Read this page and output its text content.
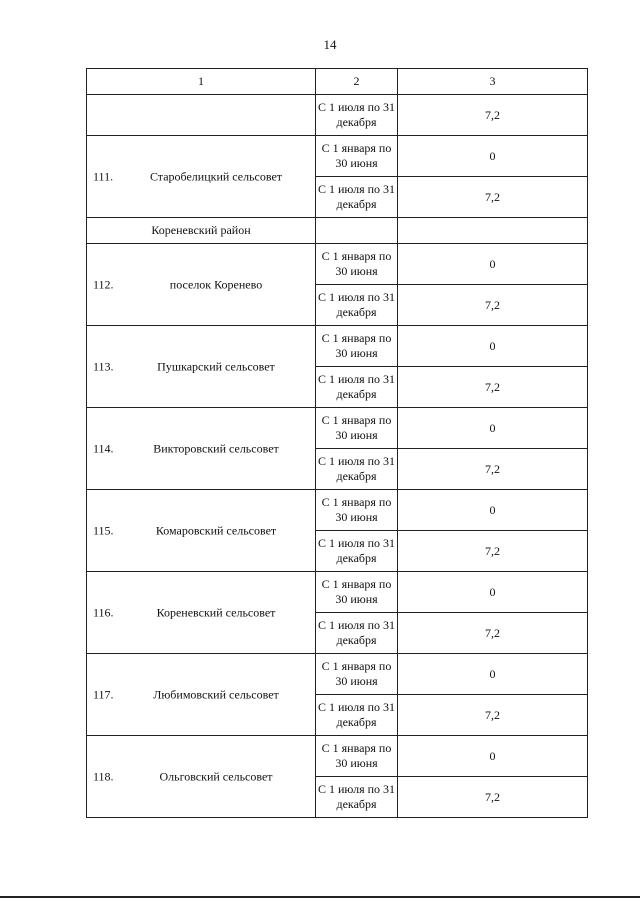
14
1	2	3
	С 1 июля по 31 декабря	7,2

111. Старобелицкий сельсовет	С 1 января по 30 июня	0
	С 1 июля по 31 декабря	7,2
Кореневский район		

112. поселок Коренево	С 1 января по 30 июня	0
	С 1 июля по 31 декабря	7,2

113. Пушкарский сельсовет	С 1 января по 30 июня	0
	С 1 июля по 31 декабря	7,2

114. Викторовский сельсовет	С 1 января по 30 июня	0
	С 1 июля по 31 декабря	7,2

115. Комаровский сельсовет	С 1 января по 30 июня	0
	С 1 июля по 31 декабря	7,2

116. Кореневский сельсовет	С 1 января по 30 июня	0
	С 1 июля по 31 декабря	7,2

117. Любимовский сельсовет	С 1 января по 30 июня	0
	С 1 июля по 31 декабря	7,2

118. Ольговский сельсовет	С 1 января по 30 июня	0
	С 1 июля по 31 декабря	7,2
